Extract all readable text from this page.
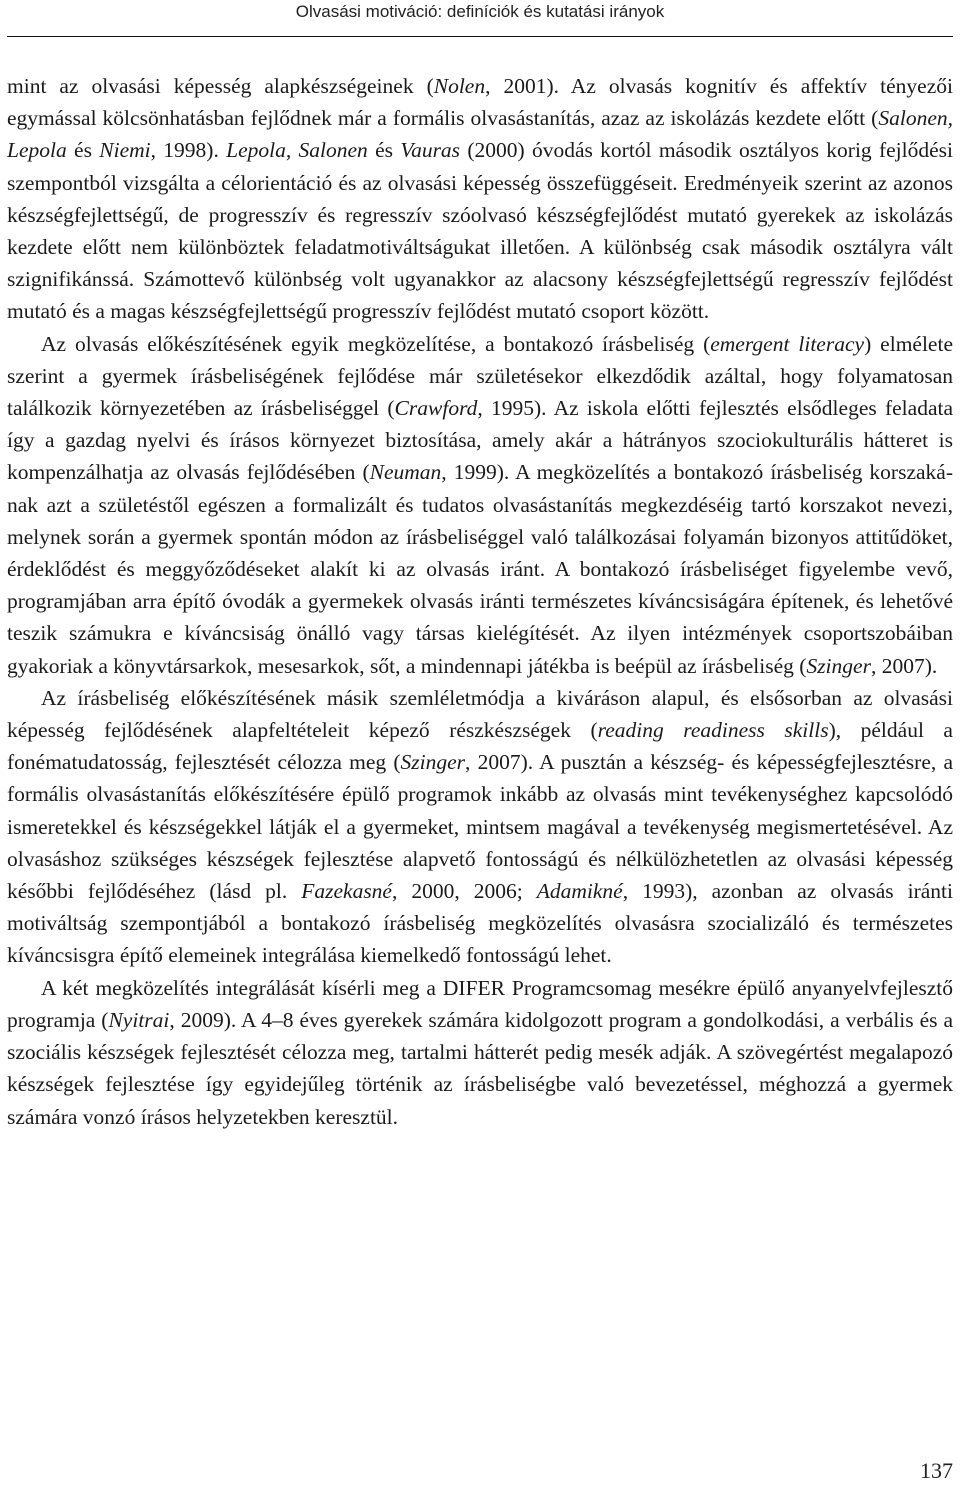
Olvasási motiváció: definíciók és kutatási irányok

mint az olvasási képesség alapkészségeinek (Nolen, 2001). Az olvasás kognitív és affektív tényezői egymással kölcsönhatásban fejlődnek már a formális olvasástanítás, azaz az iskolázás kezdete előtt (Salonen, Lepola és Niemi, 1998). Lepola, Salonen és Vauras (2000) óvodás kortól második osztályos korig fejlődési szempontból vizsgálta a célorientáció és az olvasási képesség összefüggéseit. Eredményeik szerint az azonos készségfejlettségű, de progresszív és regresszív szóolvasó készségfejlődést mutató gyerekek az iskolázás kezdete előtt nem különböztek feladatmotiváltságukat illetően. A különbség csak második osztályra vált szignifikánssá. Számottevő különbség volt ugyanakkor az alacsony készségfejlettségű regresszív fejlődést mutató és a magas készségfejlettségű progresszív fejlődést mutató csoport között.

Az olvasás előkészítésének egyik megközelítése, a bontakozó írásbeliség (emergent literacy) elmélete szerint a gyermek írásbeliségének fejlődése már születésekor elkezdődik azáltal, hogy folyamatosan találkozik környezetében az írásbeliséggel (Crawford, 1995). Az iskola előtti fejlesztés elsődleges feladata így a gazdag nyelvi és írásos környezet biztosítása, amely akár a hátrányos szociokulturális hátteret is kompenzálhatja az olvasás fejlődésében (Neuman, 1999). A megközelítés a bontakozó írásbeliség korszakának azt a születéstől egészen a formalizált és tudatos olvasástanítás megkezdéséig tartó korszakot nevezi, melynek során a gyermek spontán módon az írásbeliséggel való találkozásai folyamán bizonyos attitűdöket, érdeklődést és meggyőződéseket alakít ki az olvasás iránt. A bontakozó írásbeliséget figyelembe vevő, programjában arra építő óvodák a gyermekek olvasás iránti természetes kíváncsiságára építenek, és lehetővé teszik számukra e kíváncsiság önálló vagy társas kielégítését. Az ilyen intézmények csoportszobáiban gyakoriak a könyvtársarkok, mesesarkok, sőt, a mindennapi játékba is beépül az írásbeliség (Szinger, 2007).

Az írásbeliség előkészítésének másik szemléletmódja a kiváráson alapul, és elsősorban az olvasási képesség fejlődésének alapfeltételeit képező részkészségek (reading readiness skills), például a fonématudatosság, fejlesztését célozza meg (Szinger, 2007). A pusztán a készség- és képességfejlesztésre, a formális olvasástanítás előkészítésére épülő programok inkább az olvasás mint tevékenységhez kapcsolódó ismeretekkel és készségekkel látják el a gyermeket, mintsem magával a tevékenység megismertetésével. Az olvasáshoz szükséges készségek fejlesztése alapvető fontosságú és nélkülözhetetlen az olvasási képesség későbbi fejlődéséhez (lásd pl. Fazekasné, 2000, 2006; Adamikné, 1993), azonban az olvasás iránti motiváltság szempontjából a bontakozó írásbeliség megközelítés olvasásra szocializáló és természetes kíváncsisgra építő elemeinek integrálása kiemelkedő fontosságú lehet.

A két megközelítés integrálását kísérli meg a DIFER Programcsomag mesékre épülő anyanyelvfejlesztő programja (Nyitrai, 2009). A 4–8 éves gyerekek számára kidolgozott program a gondolkodási, a verbális és a szociális készségek fejlesztését célozza meg, tartalmi hátterét pedig mesék adják. A szövegértést megalapozó készségek fejlesztése így egyidejűleg történik az írásbeliségbe való bevezetéssel, méghozzá a gyermek számára vonzó írásos helyzetekben keresztül.

137
